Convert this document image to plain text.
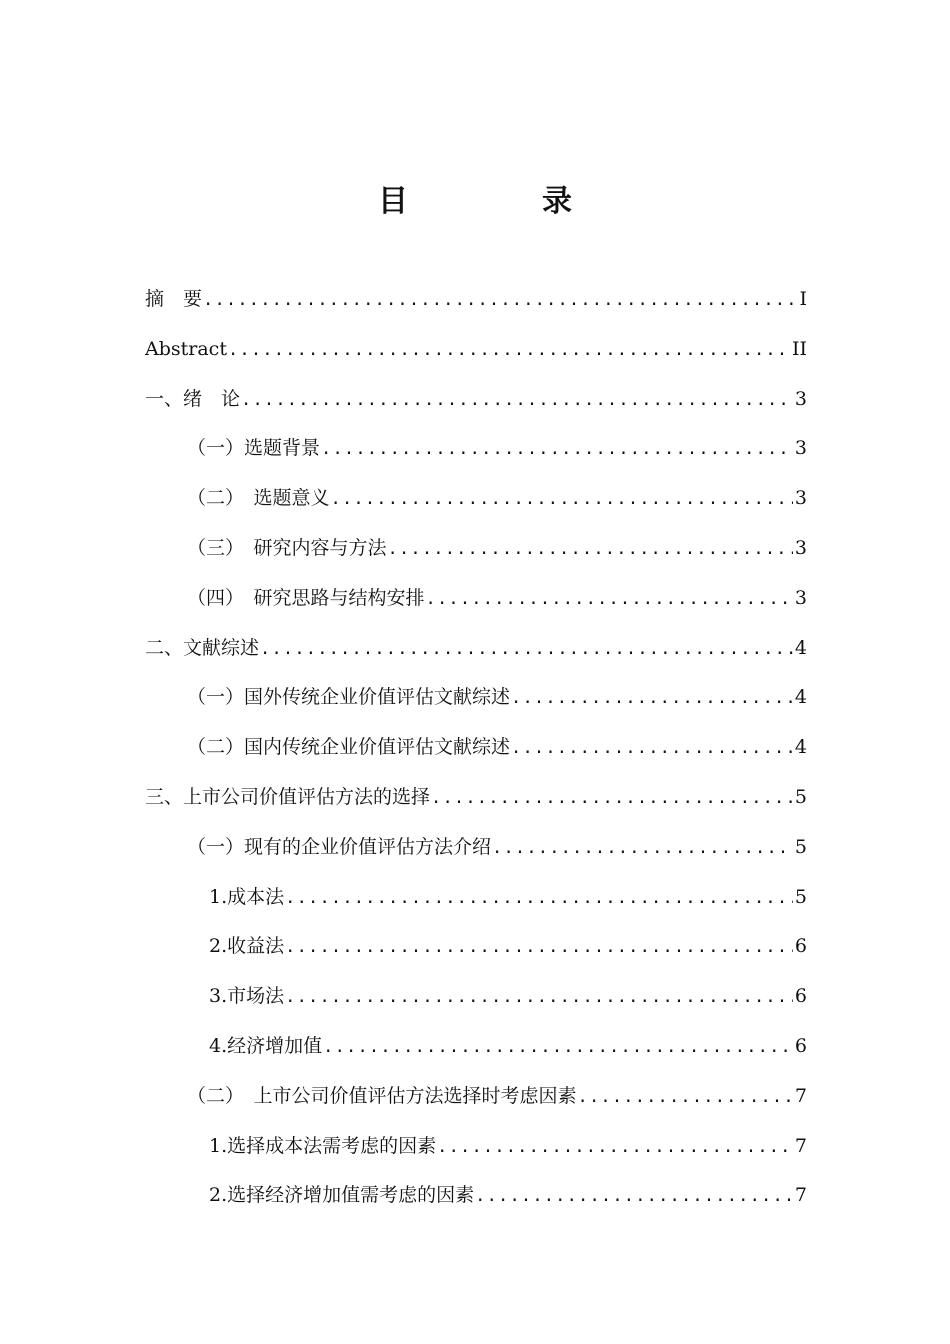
目　录
摘　要 .....	I
Abstract .....	II
一、绪　论 .....	3
（一）选题背景 .....	3
（二）　选题意义 .....	3
（三）　研究内容与方法 .....	3
（四）　研究思路与结构安排 .....	3
二、文献综述 .....	4
（一）国外传统企业价值评估文献综述 .....	4
（二）国内传统企业价值评估文献综述 .....	4
三、上市公司价值评估方法的选择 .....	5
（一）现有的企业价值评估方法介绍 .....	5
1.成本法 .....	5
2.收益法 .....	6
3.市场法 .....	6
4.经济增加值 .....	6
（二）　上市公司价值评估方法选择时考虑因素 .....	7
1.选择成本法需考虑的因素 .....	7
2.选择经济增加值需考虑的因素 .....	7
